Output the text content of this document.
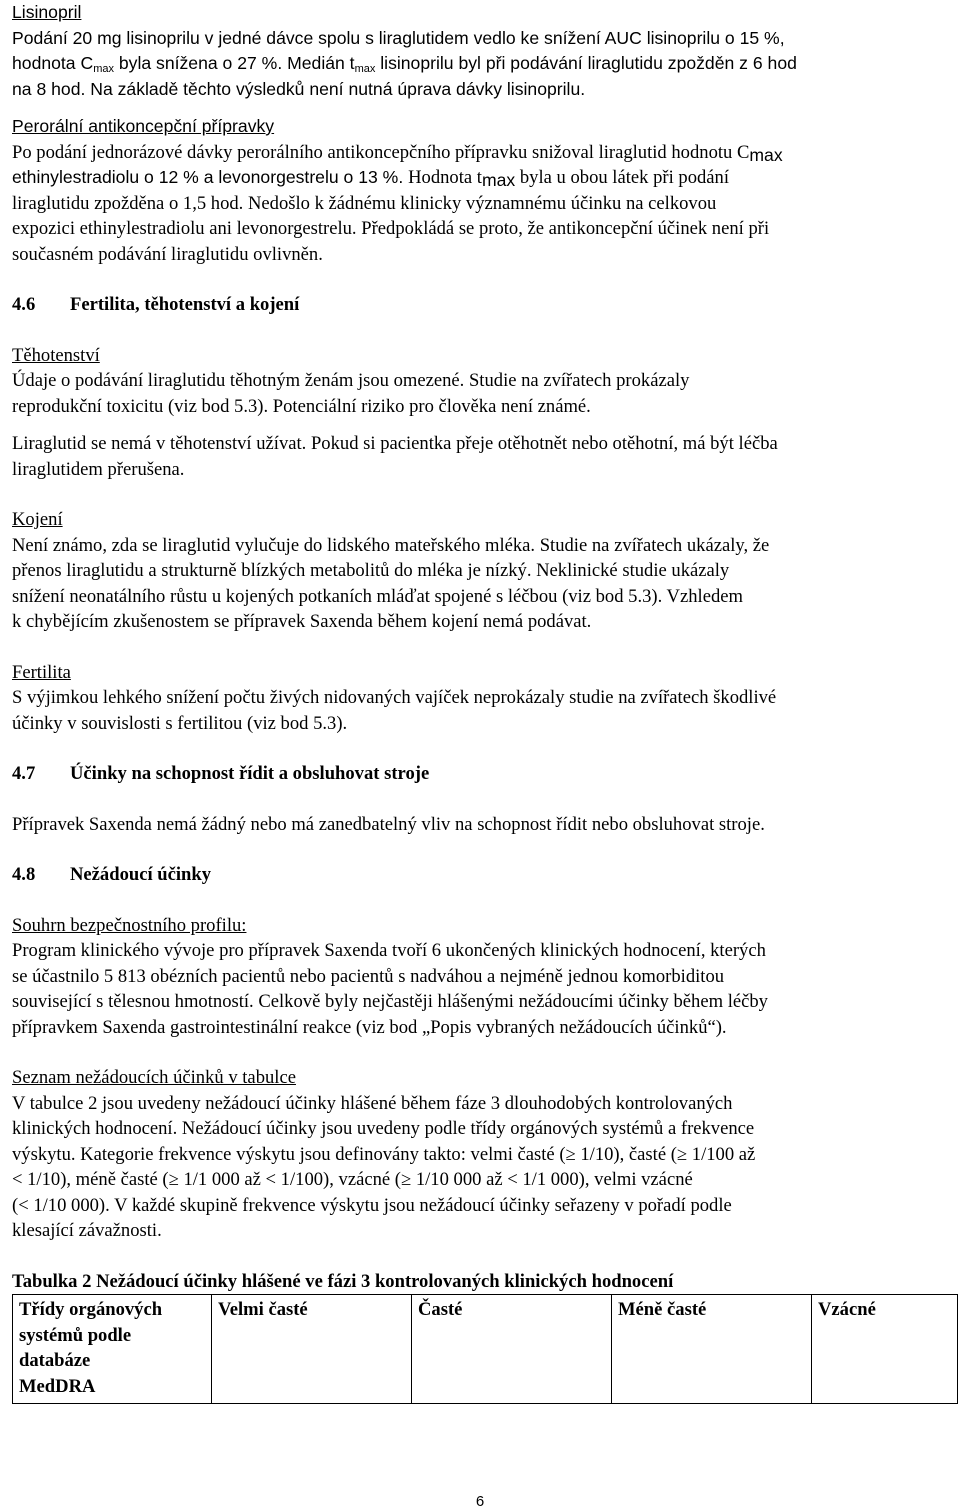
Lisinopril

Podání 20 mg lisinoprilu v jedné dávce spolu s liraglutidem vedlo ke snížení AUC lisinoprilu o 15 %,

hodnota $C_{max}$ byla snížena o 27 %. Medián $t_{max}$ lisinoprilu byl při podávání liraglutidu zpožděn z 6 hod

na 8 hod. Na základě těchto výsledků není nutná úprava dávky lisinoprilu.

Perorální antikoncepční přípravky

Po podání jednorázové dávky perorálního antikoncepčního přípravku snižoval liraglutid hodnotu $C_{max}$

ethinylestradiolu o 12 % a levonorgestrelu o 13 %. Hodnota $t_{max}$ byla u obou látek při podání

liraglutidu zpožděna o 1,5 hod. Nedošlo k žádnému klinicky významnému účinku na celkovou

expozici ethinylestradiolu ani levonorgestrelu. Předpokládá se proto, že antikoncepční účinek není při

současném podávání liraglutidu ovlivněn.

4.6	Fertilita, těhotenství a kojení

Těhotenství

Údaje o podávání liraglutidu těhotným ženám jsou omezené. Studie na zvířatech prokázaly

reprodukční toxicitu (viz bod 5.3). Potenciální riziko pro člověka není známé.

Liraglutid se nemá v těhotenství užívat. Pokud si pacientka přeje otěhotnět nebo otěhotní, má být léčba

liraglutidem přerušena.

Kojení

Není známo, zda se liraglutid vylučuje do lidského mateřského mléka. Studie na zvířatech ukázaly, že

přenos liraglutidu a strukturně blízkých metabolitů do mléka je nízký. Neklinické studie ukázaly

snížení neonatálního růstu u kojených potkaních mláďat spojené s léčbou (viz bod 5.3). Vzhledem

k chybějícím zkušenostem se přípravek Saxenda během kojení nemá podávat.

Fertilita

S výjimkou lehkého snížení počtu živých nidovaných vajíček neprokázaly studie na zvířatech škodlivé

účinky v souvislosti s fertilitou (viz bod 5.3).

4.7	Účinky na schopnost řídit a obsluhovat stroje

Přípravek Saxenda nemá žádný nebo má zanedbatelný vliv na schopnost řídit nebo obsluhovat stroje.

4.8	Nežádoucí účinky

Souhrn bezpečnostního profilu:

Program klinického vývoje pro přípravek Saxenda tvoří 6 ukončených klinických hodnocení, kterých

se účastnilo 5 813 obézních pacientů nebo pacientů s nadváhou a nejméně jednou komorbiditou

související s tělesnou hmotností. Celkově byly nejčastěji hlášenými nežádoucími účinky během léčby

přípravkem Saxenda gastrointestinální reakce (viz bod „Popis vybraných nežádoucích účinků“).

Seznam nežádoucích účinků v tabulce

V tabulce 2 jsou uvedeny nežádoucí účinky hlášené během fáze 3 dlouhodobých kontrolovaných

klinických hodnocení. Nežádoucí účinky jsou uvedeny podle třídy orgánových systémů a frekvence

výskytu. Kategorie frekvence výskytu jsou definovány takto: velmi časté (≥ 1/10), časté (≥ 1/100 až

< 1/10), méně časté (≥ 1/1 000 až < 1/100), vzácné (≥ 1/10 000 až < 1/1 000), velmi vzácné

(< 1/10 000). V každé skupině frekvence výskytu jsou nežádoucí účinky seřazeny v pořadí podle

klesající závažnosti.

Tabulka 2 Nežádoucí účinky hlášené ve fázi 3 kontrolovaných klinických hodnocení

Třídy orgánových
systémů podle
databáze
MedDRA
	Velmi časté	Časté	Méně časté	Vzácné
6
